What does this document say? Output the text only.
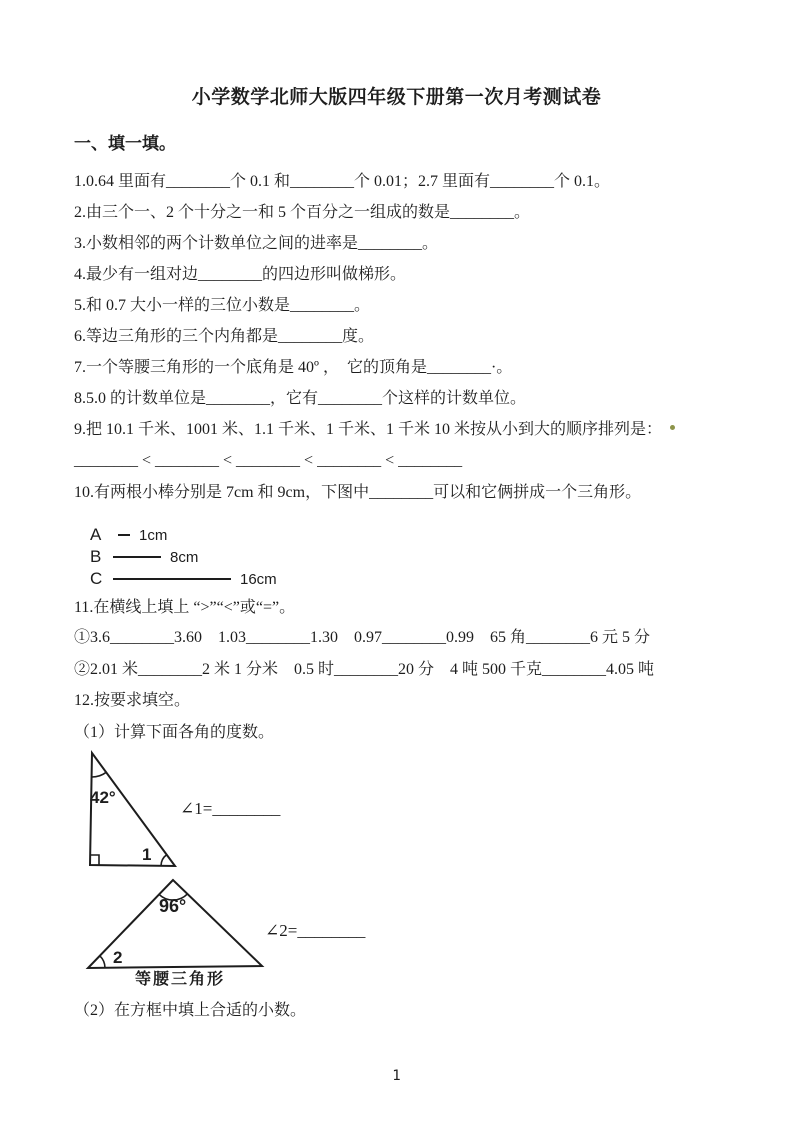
小学数学北师大版四年级下册第一次月考测试卷
一、填一填。
1.0.64 里面有________个 0.1 和________个 0.01；2.7 里面有________个 0.1。
2.由三个一、2 个十分之一和 5 个百分之一组成的数是________。
3.小数相邻的两个计数单位之间的进率是________。
4.最少有一组对边________的四边形叫做梯形。
5.和 0.7 大小一样的三位小数是________。
6.等边三角形的三个内角都是________度。
7.一个等腰三角形的一个底角是 40º ，  它的顶角是________·。
8.5.0 的计数单位是________，它有________个这样的计数单位。
9.把 10.1 千米、1001 米、1.1 千米、1 千米、1 千米 10 米按从小到大的顺序排列是：
________ < ________ < ________ < ________ < ________
10.有两根小棒分别是 7cm 和 9cm，下图中________可以和它俩拼成一个三角形。
A	1cm
B	8cm
C	16cm
11.在横线上填上 “>”“<”或“=”。
①3.6________3.60    1.03________1.30    0.97________0.99    65 角________6 元 5 分
②2.01 米________2 米 1 分米    0.5 时________20 分    4 吨 500 千克________4.05 吨
12.按要求填空。
（1）计算下面各角的度数。
42°
1
∠1=________
96°
2
∠2=________
等腰三角形
（2）在方框中填上合适的小数。
1
